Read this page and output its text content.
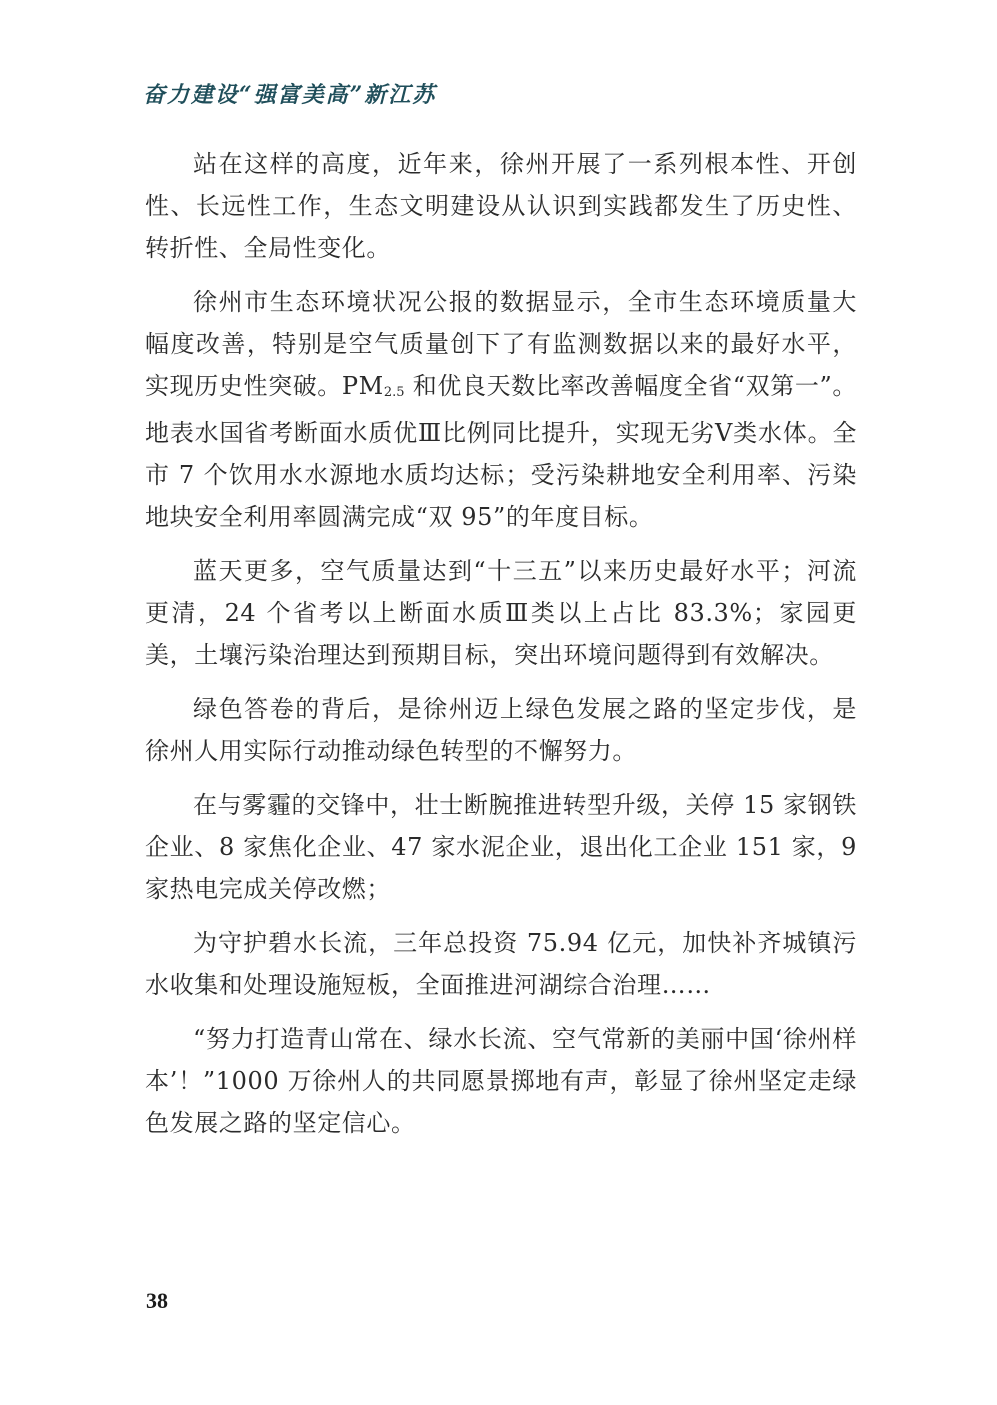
奋力建设“强富美高”新江苏

站在这样的高度，近年来，徐州开展了一系列根本性、开创性、长远性工作，生态文明建设从认识到实践都发生了历史性、转折性、全局性变化。

徐州市生态环境状况公报的数据显示，全市生态环境质量大幅度改善，特别是空气质量创下了有监测数据以来的最好水平，实现历史性突破。PM2.5 和优良天数比率改善幅度全省“双第一”。地表水国省考断面水质优Ⅲ比例同比提升，实现无劣Ⅴ类水体。全市 7 个饮用水水源地水质均达标；受污染耕地安全利用率、污染地块安全利用率圆满完成“双 95”的年度目标。

蓝天更多，空气质量达到“十三五”以来历史最好水平；河流更清，24 个省考以上断面水质Ⅲ类以上占比 83.3%；家园更美，土壤污染治理达到预期目标，突出环境问题得到有效解决。

绿色答卷的背后，是徐州迈上绿色发展之路的坚定步伐，是徐州人用实际行动推动绿色转型的不懈努力。

在与雾霾的交锋中，壮士断腕推进转型升级，关停 15 家钢铁企业、8 家焦化企业、47 家水泥企业，退出化工企业 151 家，9 家热电完成关停改燃；

为守护碧水长流，三年总投资 75.94 亿元，加快补齐城镇污水收集和处理设施短板，全面推进河湖综合治理……

“努力打造青山常在、绿水长流、空气常新的美丽中国‘徐州样本’！”1000 万徐州人的共同愿景掷地有声，彰显了徐州坚定走绿色发展之路的坚定信心。

38
